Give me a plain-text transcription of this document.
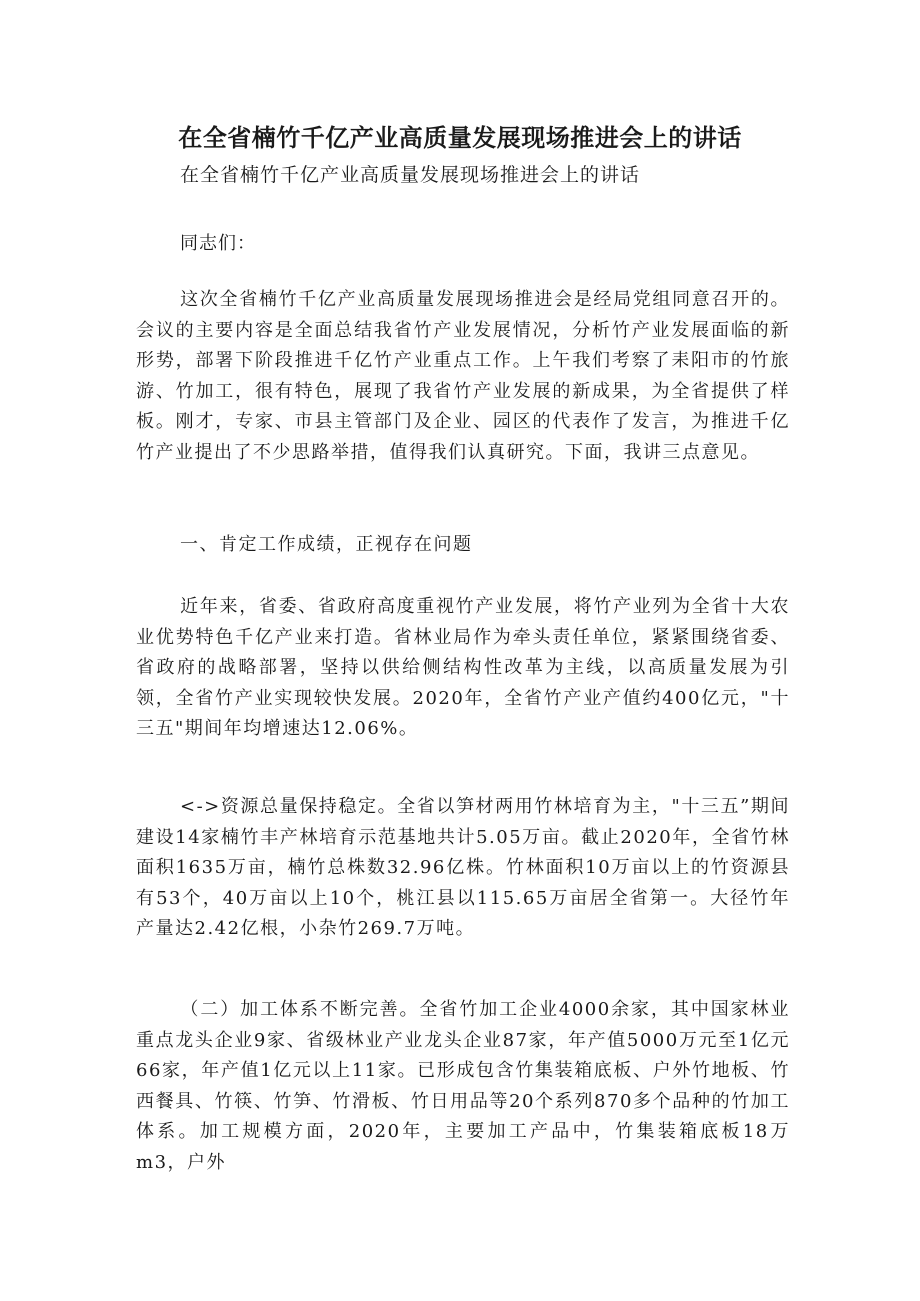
在全省楠竹千亿产业高质量发展现场推进会上的讲话

在全省楠竹千亿产业高质量发展现场推进会上的讲话

同志们：

这次全省楠竹千亿产业高质量发展现场推进会是经局党组同意召开的。会议的主要内容是全面总结我省竹产业发展情况，分析竹产业发展面临的新形势，部署下阶段推进千亿竹产业重点工作。上午我们考察了耒阳市的竹旅游、竹加工，很有特色，展现了我省竹产业发展的新成果，为全省提供了样板。刚才，专家、市县主管部门及企业、园区的代表作了发言，为推进千亿竹产业提出了不少思路举措，值得我们认真研究。下面，我讲三点意见。

一、肯定工作成绩，正视存在问题

近年来，省委、省政府高度重视竹产业发展，将竹产业列为全省十大农业优势特色千亿产业来打造。省林业局作为牵头责任单位，紧紧围绕省委、省政府的战略部署，坚持以供给侧结构性改革为主线，以高质量发展为引领，全省竹产业实现较快发展。2020年，全省竹产业产值约400亿元，"十三五"期间年均增速达12.06%。

<->资源总量保持稳定。全省以笋材两用竹林培育为主，"十三五”期间建设14家楠竹丰产林培育示范基地共计5.05万亩。截止2020年，全省竹林面积1635万亩，楠竹总株数32.96亿株。竹林面积10万亩以上的竹资源县有53个，40万亩以上10个，桃江县以115.65万亩居全省第一。大径竹年产量达2.42亿根，小杂竹269.7万吨。

（二）加工体系不断完善。全省竹加工企业4000余家，其中国家林业重点龙头企业9家、省级林业产业龙头企业87家，年产值5000万元至1亿元66家，年产值1亿元以上11家。已形成包含竹集装箱底板、户外竹地板、竹西餐具、竹筷、竹笋、竹滑板、竹日用品等20个系列870多个品种的竹加工体系。加工规模方面，2020年，主要加工产品中，竹集装箱底板18万m3，户外
